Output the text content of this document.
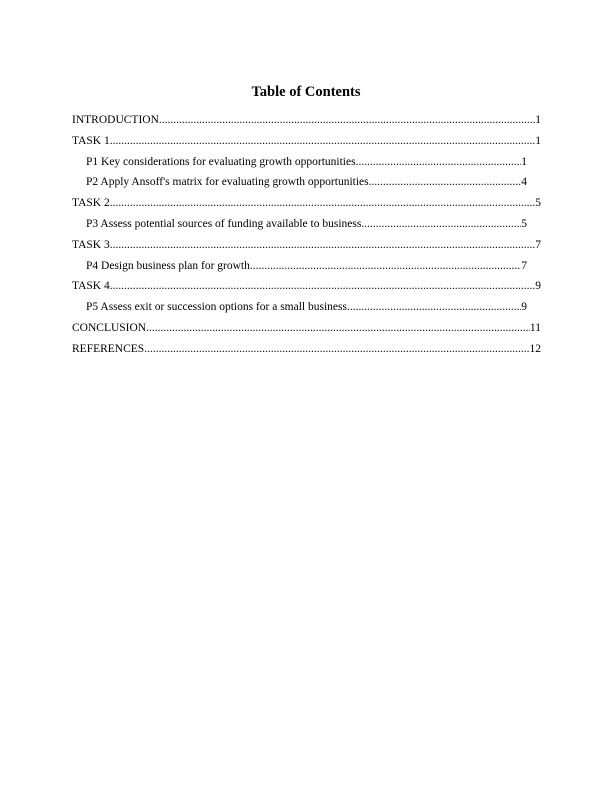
Table of Contents
INTRODUCTION .....	1
TASK 1 .....	1
P1 Key considerations for evaluating growth opportunities .....	1
P2 Apply Ansoff's matrix for evaluating growth opportunities .....	4
TASK 2 .....	5
P3 Assess potential sources of funding available to business .....	5
TASK 3 .....	7
P4 Design business plan for growth .....	7
TASK 4 .....	9
P5 Assess exit or succession options for a small business .....	9
CONCLUSION .....	11
REFERENCES .....	12
